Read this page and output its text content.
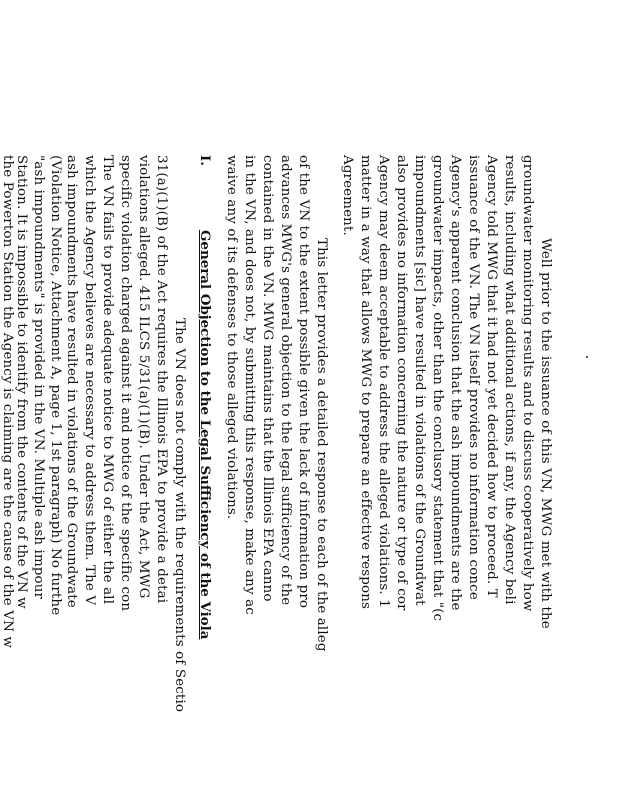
Well prior to the issuance of this VN, MWG met with the
groundwater monitoring results and to discuss cooperatively how
results, including what additional actions, if any, the Agency beli
Agency told MWG that it had not yet decided how to proceed. T
issuance of the VN. The VN itself provides no information conce
Agency's apparent conclusion that the ash impoundments are the
groundwater impacts, other than the conclusory statement that "(c
impoundments [sic] have resulted in violations of the Groundwat
also provides no information concerning the nature or type of cor
Agency may deem acceptable to address the alleged violations. 1
matter in a way that allows MWG to prepare an effective respons
Agreement.
This letter provides a detailed response to each of the alleg
of the VN to the extent possible given the lack of information pro
advances MWG's general objection to the legal sufficiency of the
contained in the VN. MWG maintains that the Illinois EPA canno
in the VN, and does not, by submitting this response, make any ac
waive any of its defenses to those alleged violations.
I.
General Objection to the Legal Sufficiency of the Viola
The VN does not comply with the requirements of Sectio
31(a)(1)(B) of the Act requires the Illinois EPA to provide a detai
violations alleged. 415 ILCS 5/31(a)(1)(B). Under the Act, MWG
specific violation charged against it and notice of the specific con
The VN fails to provide adequate notice to MWG of either the all
which the Agency believes are necessary to address them. The V
ash impoundments have resulted in violations of the Groundwate
(Violation Notice, Attachment A, page 1, 1st paragraph) No furthe
"ash impoundments" is provided in the VN. Multiple ash impour
Station. It is impossible to identify from the contents of the VN w
the Powerton Station the Agency is claiming are the cause of the VN w
